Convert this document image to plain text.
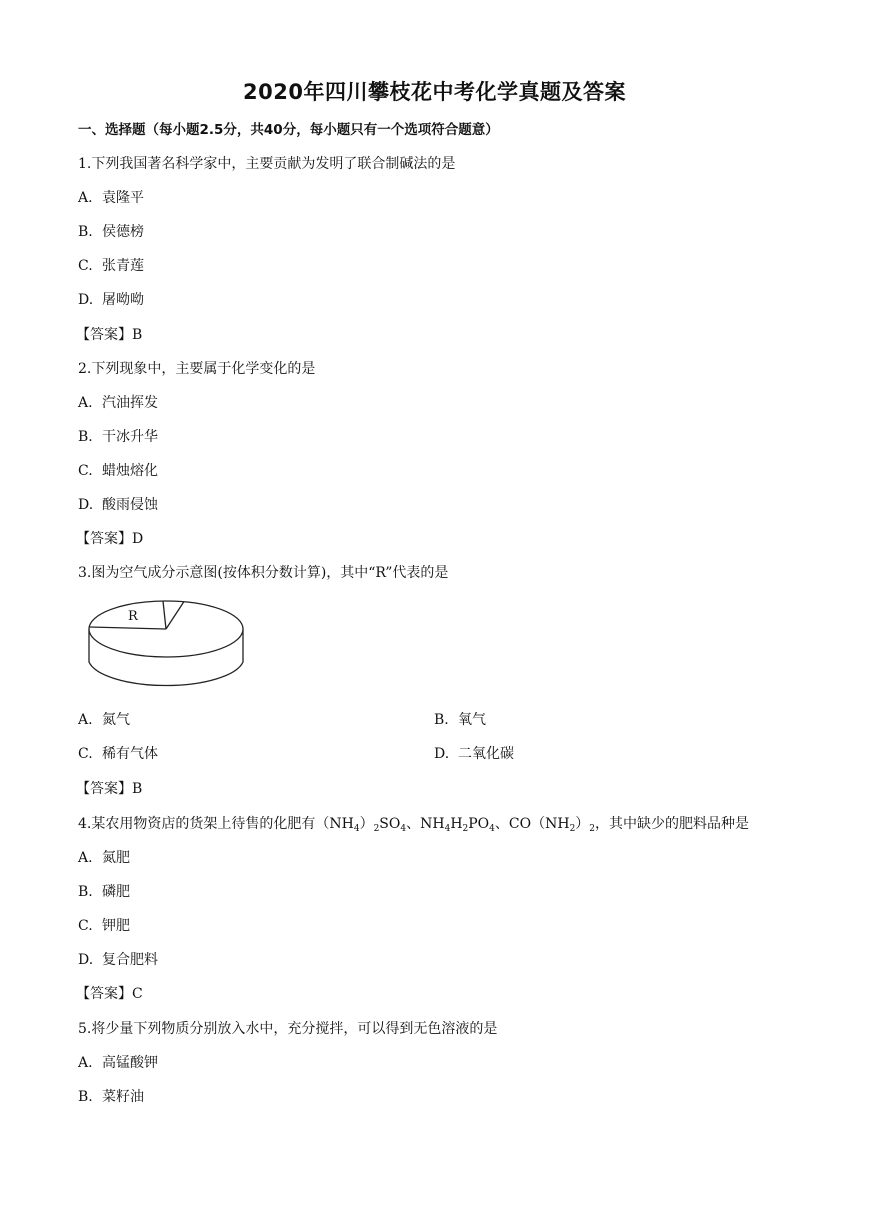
2020年四川攀枝花中考化学真题及答案
一、选择题（每小题2.5分，共40分，每小题只有一个选项符合题意）
1.下列我国著名科学家中，主要贡献为发明了联合制碱法的是
A. 袁隆平
B. 侯德榜
C. 张青莲
D. 屠呦呦
【答案】B
2.下列现象中，主要属于化学变化的是
A. 汽油挥发
B. 干冰升华
C. 蜡烛熔化
D. 酸雨侵蚀
【答案】D
3.图为空气成分示意图(按体积分数计算)，其中“R”代表的是
R
A. 氮气	B. 氧气
C. 稀有气体	D. 二氧化碳
【答案】B
4.某农用物资店的货架上待售的化肥有$(NH_4)_2SO_4$、$NH_4H_2PO_4$、$CO(NH_2)_2$，其中缺少的肥料品种是
A. 氮肥
B. 磷肥
C. 钾肥
D. 复合肥料
【答案】C
5.将少量下列物质分别放入水中，充分搅拌，可以得到无色溶液的是
A. 高锰酸钾
B. 菜籽油
